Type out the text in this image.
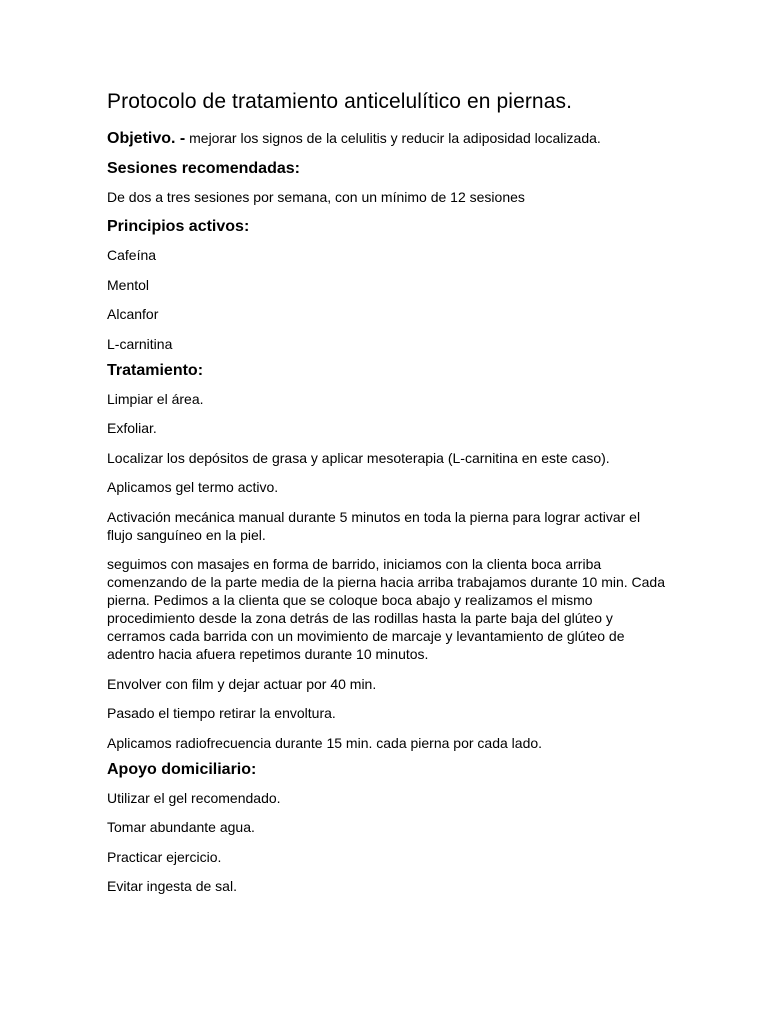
Protocolo de tratamiento anticelulítico en piernas.
Objetivo. - mejorar los signos de la celulitis y reducir la adiposidad localizada.
Sesiones recomendadas:

De dos a tres sesiones por semana, con un mínimo de 12 sesiones

Principios activos:

Cafeína

Mentol

Alcanfor

L-carnitina

Tratamiento:

Limpiar el área.

Exfoliar.

Localizar los depósitos de grasa y aplicar mesoterapia (L-carnitina en este caso).

Aplicamos gel termo activo.

Activación mecánica manual durante 5 minutos en toda la pierna para lograr activar el flujo sanguíneo en la piel.

seguimos con masajes en forma de barrido, iniciamos con la clienta boca arriba comenzando de la parte media de la pierna hacia arriba trabajamos durante 10 min. Cada pierna. Pedimos a la clienta que se coloque boca abajo y realizamos el mismo procedimiento desde la zona detrás de las rodillas hasta la parte baja del glúteo y cerramos cada barrida con un movimiento de marcaje y levantamiento de glúteo de adentro hacia afuera repetimos durante 10 minutos.

Envolver con film y dejar actuar por 40 min.

Pasado el tiempo retirar la envoltura.

Aplicamos radiofrecuencia durante 15 min. cada pierna por cada lado.

Apoyo domiciliario:

Utilizar el gel recomendado.

Tomar abundante agua.

Practicar ejercicio.

Evitar ingesta de sal.
